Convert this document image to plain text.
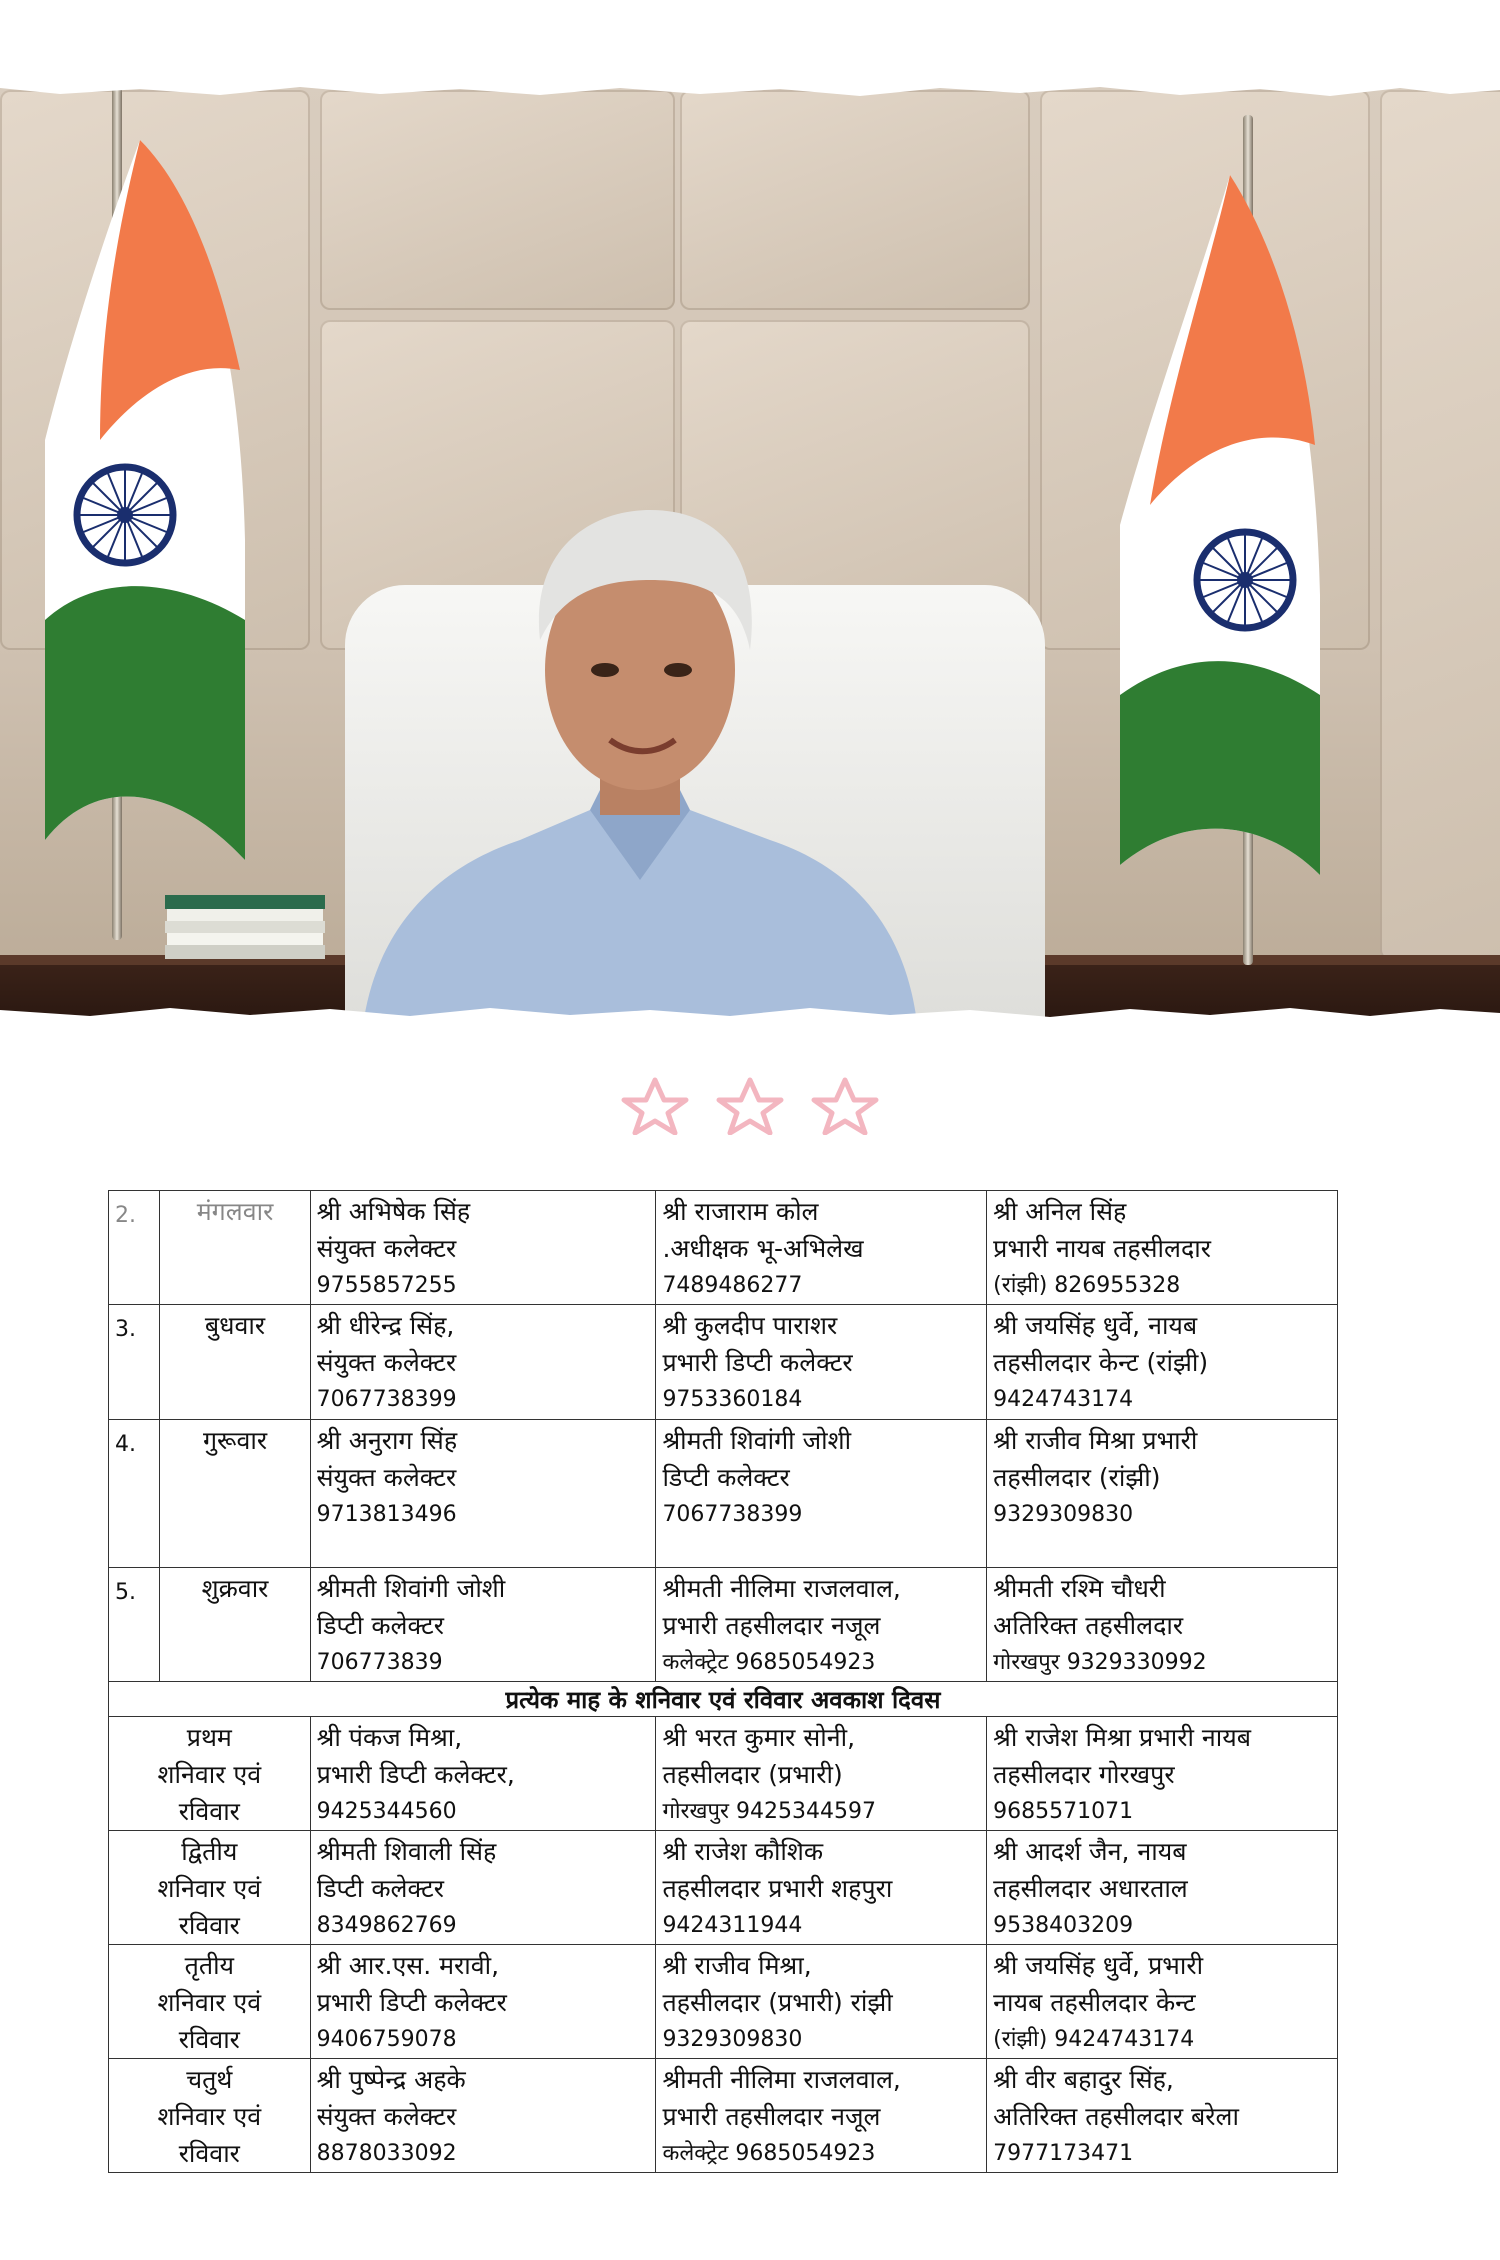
2.	मंगलवार	श्री अभिषेक सिंह
संयुक्त कलेक्टर
9755857255	श्री राजाराम कोल
.अधीक्षक भू-अभिलेख
7489486277	श्री अनिल सिंह
प्रभारी नायब तहसीलदार
(रांझी) 826955328

3.	बुधवार	श्री धीरेन्द्र सिंह,
संयुक्त कलेक्टर
7067738399	श्री कुलदीप पाराशर
प्रभारी डिप्टी कलेक्टर
9753360184	श्री जयसिंह धुर्वे, नायब
तहसीलदार केन्ट (रांझी)
9424743174

4.	गुरूवार	श्री अनुराग सिंह
संयुक्त कलेक्टर
9713813496	श्रीमती शिवांगी जोशी
डिप्टी कलेक्टर
7067738399	श्री राजीव मिश्रा प्रभारी
तहसीलदार (रांझी)
9329309830

5.	शुक्रवार	श्रीमती शिवांगी जोशी
डिप्टी कलेक्टर
706773839	श्रीमती नीलिमा राजलवाल,
प्रभारी तहसीलदार नजूल
कलेक्ट्रेट 9685054923	श्रीमती रश्मि चौधरी
अतिरिक्त तहसीलदार
गोरखपुर 9329330992

प्रत्येक माह के शनिवार एवं रविवार अवकाश दिवस				

प्रथम
शनिवार एवं
रविवार		श्री पंकज मिश्रा,
प्रभारी डिप्टी कलेक्टर,
9425344560	श्री भरत कुमार सोनी,
तहसीलदार (प्रभारी)
गोरखपुर 9425344597	श्री राजेश मिश्रा प्रभारी नायब
तहसीलदार गोरखपुर
9685571071

द्वितीय
शनिवार एवं
रविवार		श्रीमती शिवाली सिंह
डिप्टी कलेक्टर
8349862769	श्री राजेश कौशिक
तहसीलदार प्रभारी शहपुरा
9424311944	श्री आदर्श जैन, नायब
तहसीलदार अधारताल
9538403209

तृतीय
शनिवार एवं
रविवार		श्री आर.एस. मरावी,
प्रभारी डिप्टी कलेक्टर
9406759078	श्री राजीव मिश्रा,
तहसीलदार (प्रभारी) रांझी
9329309830	श्री जयसिंह धुर्वे, प्रभारी
नायब तहसीलदार केन्ट
(रांझी) 9424743174

चतुर्थ
शनिवार एवं
रविवार		श्री पुष्पेन्द्र अहके
संयुक्त कलेक्टर
8878033092	श्रीमती नीलिमा राजलवाल,
प्रभारी तहसीलदार नजूल
कलेक्ट्रेट 9685054923	श्री वीर बहादुर सिंह,
अतिरिक्त तहसीलदार बरेला
7977173471
